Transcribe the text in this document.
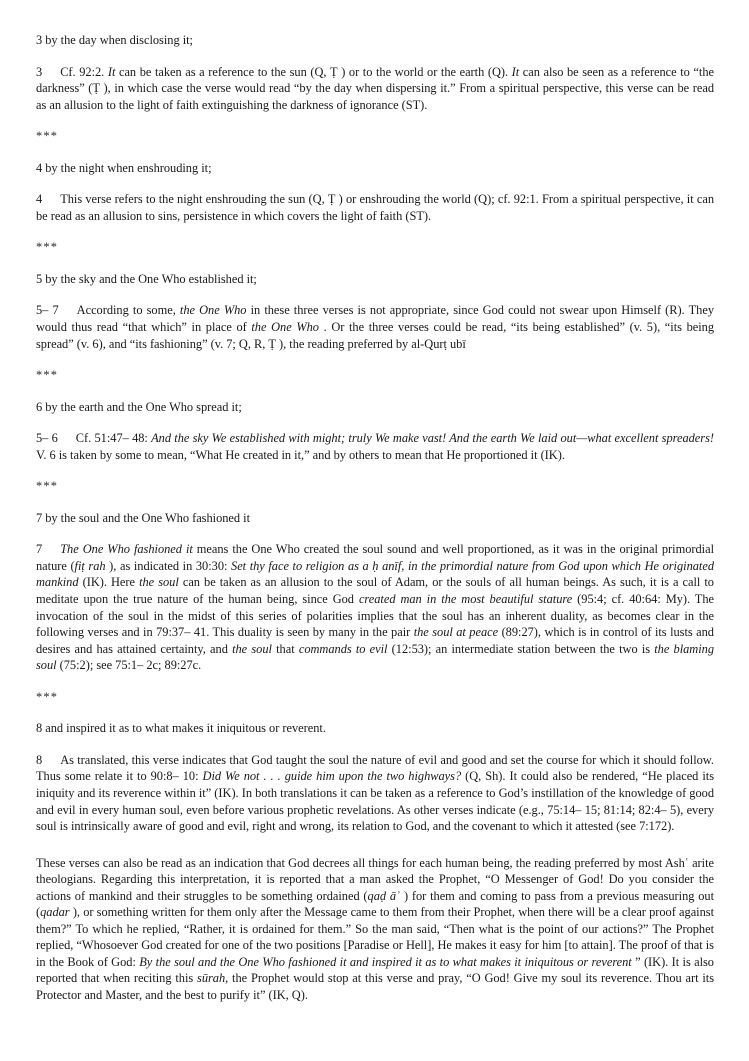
3 by the day when disclosing it;

3 Cf. 92:2. It can be taken as a reference to the sun (Q, Ṭ ) or to the world or the earth (Q). It can also be seen as a reference to “the darkness” (Ṭ ), in which case the verse would read “by the day when dispersing it.” From a spiritual perspective, this verse can be read as an allusion to the light of faith extinguishing the darkness of ignorance (ST).

***

4 by the night when enshrouding it;

4 This verse refers to the night enshrouding the sun (Q, Ṭ ) or enshrouding the world (Q); cf. 92:1. From a spiritual perspective, it can be read as an allusion to sins, persistence in which covers the light of faith (ST).

***

5 by the sky and the One Who established it;

5– 7 According to some, the One Who in these three verses is not appropriate, since God could not swear upon Himself (R). They would thus read “that which” in place of the One Who . Or the three verses could be read, “its being established” (v. 5), “its being spread” (v. 6), and “its fashioning” (v. 7; Q, R, Ṭ ), the reading preferred by al-Qurṭ ubī

***

6 by the earth and the One Who spread it;

5– 6 Cf. 51:47– 48: And the sky We established with might; truly We make vast! And the earth We laid out—what excellent spreaders! V. 6 is taken by some to mean, “What He created in it,” and by others to mean that He proportioned it (IK).

***

7 by the soul and the One Who fashioned it

7 The One Who fashioned it means the One Who created the soul sound and well proportioned, as it was in the original primordial nature (fiṭ rah ), as indicated in 30:30: Set thy face to religion as a ḥ anīf, in the primordial nature from God upon which He originated mankind (IK). Here the soul can be taken as an allusion to the soul of Adam, or the souls of all human beings. As such, it is a call to meditate upon the true nature of the human being, since God created man in the most beautiful stature (95:4; cf. 40:64: My). The invocation of the soul in the midst of this series of polarities implies that the soul has an inherent duality, as becomes clear in the following verses and in 79:37– 41. This duality is seen by many in the pair the soul at peace (89:27), which is in control of its lusts and desires and has attained certainty, and the soul that commands to evil (12:53); an intermediate station between the two is the blaming soul (75:2); see 75:1– 2c; 89:27c.

***

8 and inspired it as to what makes it iniquitous or reverent.

8 As translated, this verse indicates that God taught the soul the nature of evil and good and set the course for which it should follow. Thus some relate it to 90:8– 10: Did We not . . . guide him upon the two highways? (Q, Sh). It could also be rendered, “He placed its iniquity and its reverence within it” (IK). In both translations it can be taken as a reference to God’s instillation of the knowledge of good and evil in every human soul, even before various prophetic revelations. As other verses indicate (e.g., 75:14– 15; 81:14; 82:4– 5), every soul is intrinsically aware of good and evil, right and wrong, its relation to God, and the covenant to which it attested (see 7:172).

These verses can also be read as an indication that God decrees all things for each human being, the reading preferred by most Ashʿ arite theologians. Regarding this interpretation, it is reported that a man asked the Prophet, “O Messenger of God! Do you consider the actions of mankind and their struggles to be something ordained (qaḍ āʾ ) for them and coming to pass from a previous measuring out (qadar ), or something written for them only after the Message came to them from their Prophet, when there will be a clear proof against them?” To which he replied, “Rather, it is ordained for them.” So the man said, “Then what is the point of our actions?” The Prophet replied, “Whosoever God created for one of the two positions [Paradise or Hell], He makes it easy for him [to attain]. The proof of that is in the Book of God: By the soul and the One Who fashioned it and inspired it as to what makes it iniquitous or reverent ” (IK). It is also reported that when reciting this sūrah, the Prophet would stop at this verse and pray, “O God! Give my soul its reverence. Thou art its Protector and Master, and the best to purify it” (IK, Q).
